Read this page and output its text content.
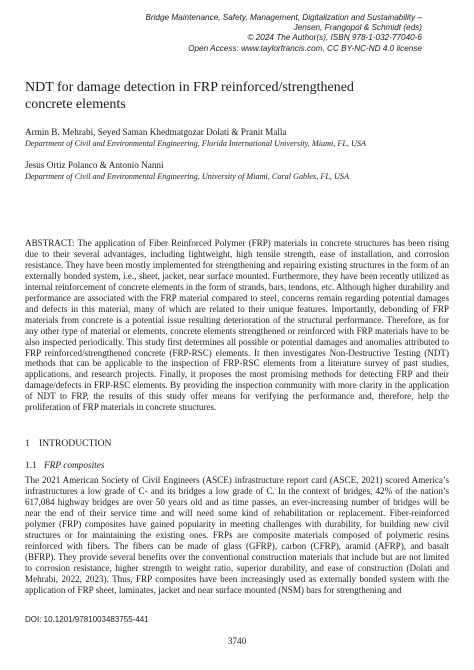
Bridge Maintenance, Safety, Management, Digitalization and Sustainability –
Jensen, Frangopol & Schmidt (eds)
© 2024 The Author(s), ISBN 978-1-032-77040-6
Open Access: www.taylorfrancis.com, CC BY-NC-ND 4.0 license
NDT for damage detection in FRP reinforced/strengthened
concrete elements
Armin B. Mehrabi, Seyed Saman Khedmatgozar Dolati & Pranit Malla
Department of Civil and Environmental Engineering, Florida International University, Miami, FL, USA
Jesus Ortiz Polanco & Antonio Nanni
Department of Civil and Environmental Engineering, University of Miami, Coral Gables, FL, USA

ABSTRACT: The application of Fiber Reinforced Polymer (FRP) materials in concrete structures has been rising due to their several advantages, including lightweight, high tensile strength, ease of installation, and corrosion resistance. They have been mostly implemented for strengthening and repairing existing structures in the form of an externally bonded system, i.e., sheet, jacket, near surface mounted. Furthermore, they have been recently utilized as internal reinforcement of concrete elements in the form of strands, bars, tendons, etc. Although higher durability and performance are associated with the FRP material compared to steel, concerns remain regarding potential damages and defects in this material, many of which are related to their unique features. Importantly, debonding of FRP materials from concrete is a potential issue resulting deterioration of the structural performance. Therefore, as for any other type of material or elements, concrete elements strengthened or reinforced with FRP materials have to be also inspected periodically. This study first determines all possible or potential damages and anomalies attributed to FRP reinforced/strengthened concrete (FRP-RSC) elements. It then investigates Non-Destructive Testing (NDT) methods that can be applicable to the inspection of FRP-RSC elements from a literature survey of past studies, applications, and research projects. Finally, it proposes the most promising methods for detecting FRP and their damage/defects in FRP-RSC elements. By providing the inspection community with more clarity in the application of NDT to FRP, the results of this study offer means for verifying the performance and, therefore, help the proliferation of FRP materials in concrete structures.

1 INTRODUCTION
1.1 FRP composites

The 2021 American Society of Civil Engineers (ASCE) infrastructure report card (ASCE, 2021) scored America’s infrastructures a low grade of C- and its bridges a low grade of C. In the context of bridges, 42% of the nation’s 617,084 highway bridges are over 50 years old and as time passes, an ever-increasing number of bridges will be near the end of their service time and will need some kind of rehabilitation or replacement. Fiber-reinforced polymer (FRP) composites have gained popularity in meeting challenges with durability, for building new civil structures or for maintaining the existing ones. FRPs are composite materials composed of polymeric resins reinforced with fibers. The fibers can be made of glass (GFRP), carbon (CFRP), aramid (AFRP), and basalt (BFRP). They provide several benefits over the conventional construction materials that include but are not limited to corrosion resistance, higher strength to weight ratio, superior durability, and ease of construction (Dolati and Mehrabi, 2022, 2023). Thus, FRP composites have been increasingly used as externally bonded system with the application of FRP sheet, laminates, jacket and near surface mounted (NSM) bars for strengthening and

DOI: 10.1201/9781003483755-441
3740
